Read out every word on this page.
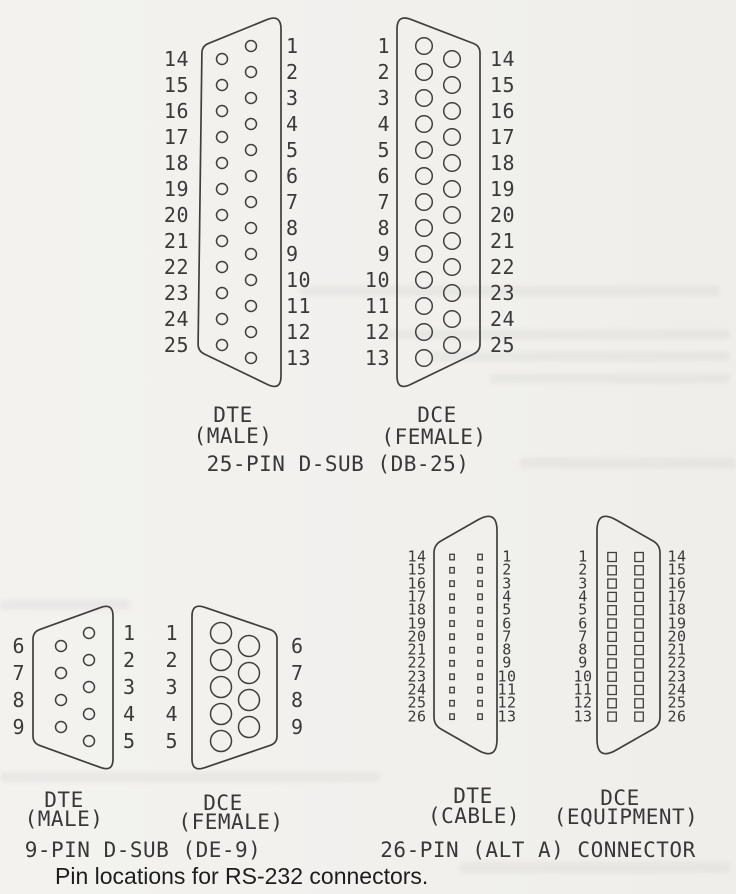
14
15
16
17
18
19
20
21
22
23
24
25
1
2
3
4
5
6
7
8
9
10
11
12
13
1
2
3
4
5
6
7
8
9
10
11
12
13
14
15
16
17
18
19
20
21
22
23
24
25
6
7
8
9
1
2
3
4
5
1
2
3
4
5
6
7
8
9
14
15
16
17
18
19
20
21
22
23
24
25
26
1
2
3
4
5
6
7
8
9
10
11
12
13
1
2
3
4
5
6
7
8
9
10
11
12
13
14
15
16
17
18
19
20
21
22
23
24
25
26
DTE
(MALE)
DCE
(FEMALE)
25-PIN D-SUB (DB-25)
DTE
(MALE)
DCE
(FEMALE)
9-PIN D-SUB (DE-9)
DTE
(CABLE)
DCE
(EQUIPMENT)
26-PIN (ALT A) CONNECTOR
Pin locations for RS-232 connectors.
